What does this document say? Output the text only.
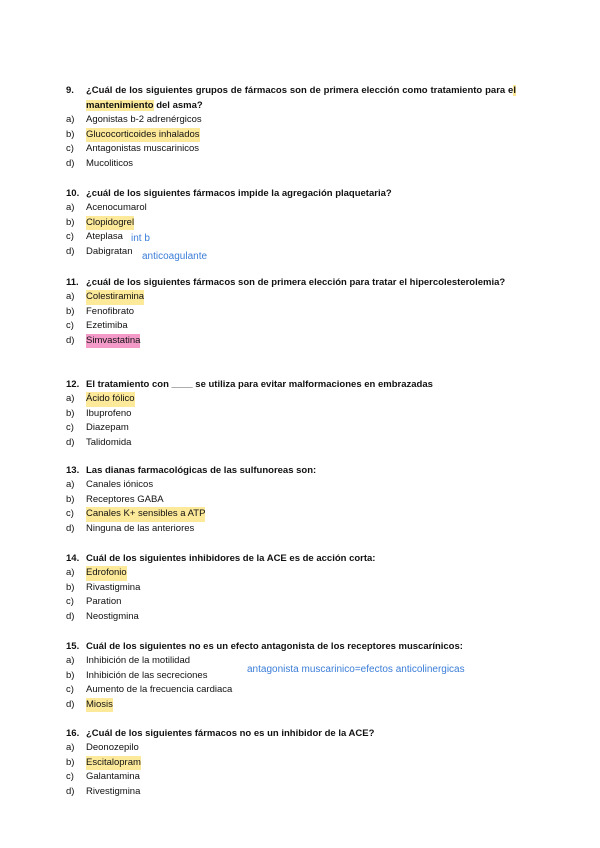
9.	¿Cuál de los siguientes grupos de fármacos son de primera elección como tratamiento para el mantenimiento del asma?
a)	Agonistas b-2 adrenérgicos
b)	Glucocorticoides inhalados
c)	Antagonistas muscarinicos
d)	Mucoliticos
10. ¿cuál de los siguientes fármacos impide la agregación plaquetaria?
a)	Acenocumarol
b)	Clopidogrel
c)	Ateplasa
d)	Dabigratan
int b
anticoagulante
11. ¿cuál de los siguientes fármacos son de primera elección para tratar el hipercolesterolemia?
a)	Colestiramina
b)	Fenofibrato
c)	Ezetimiba
d)	Simvastatina
12. El tratamiento con ____ se utiliza para evitar malformaciones en embrazadas
a)	Ácido fólico
b)	Ibuprofeno
c)	Diazepam
d)	Talidomida
13. Las dianas farmacológicas de las sulfunoreas son:
a)	Canales iónicos
b)	Receptores GABA
c)	Canales K+ sensibles a ATP
d)	Ninguna de las anteriores
14. Cuál de los siguientes inhibidores de la ACE es de acción corta:
a)	Edrofonio
b)	Rivastigmina
c)	Paration
d)	Neostigmina
15. Cuál de los siguientes no es un efecto antagonista de los receptores muscarínicos:
a)	Inhibición de la motilidad
b)	Inhibición de las secreciones
c)	Aumento de la frecuencia cardiaca
d)	Miosis
antagonista muscarinico=efectos anticolinergicas
16. ¿Cuál de los siguientes fármacos no es un inhibidor de la ACE?
a)	Deonozepilo
b)	Escitalopram
c)	Galantamina
d)	Rivestigmina
